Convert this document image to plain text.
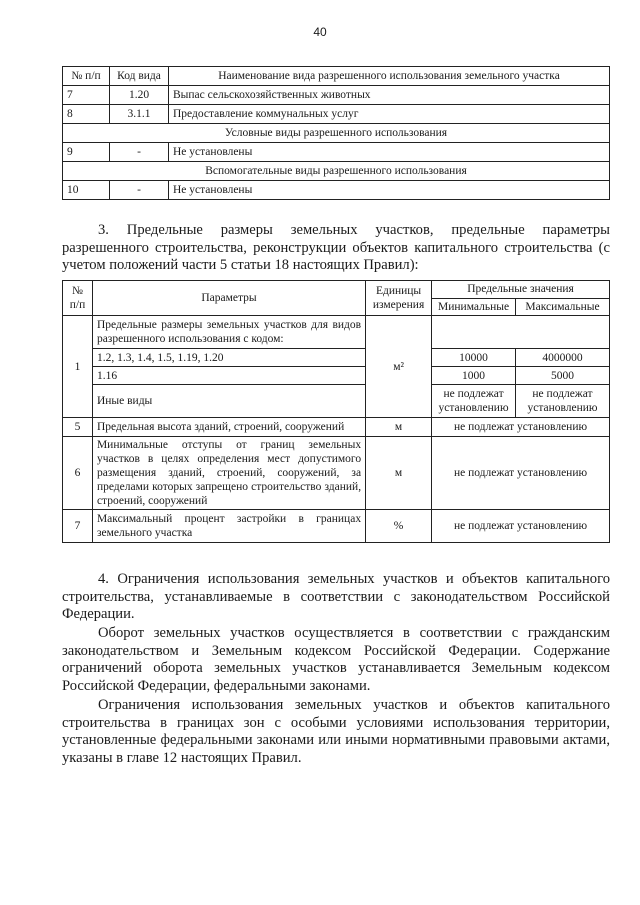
40
№ п/п	Код вида	Наименование вида разрешенного использования земельного участка
7	1.20	Выпас сельскохозяйственных животных
8	3.1.1	Предоставление коммунальных услуг
Условные виды разрешенного использования		
9	-	Не установлены
Вспомогательные виды разрешенного использования		
10	-	Не установлены

3. Предельные размеры земельных участков, предельные параметры разрешенного строительства, реконструкции объектов капитального строительства (с учетом положений части 5 статьи 18 настоящих Правил):

№ п/п	Параметры	Единицы измерения	Предельные значения	
			Минимальные	Максимальные
1	Предельные размеры земельных участков для видов разрешенного использования с кодом:	м²		
	1.2, 1.3, 1.4, 1.5, 1.19, 1.20		10000	4000000
	1.16		1000	5000
	Иные виды		не подлежат установлению	не подлежат установлению
5	Предельная высота зданий, строений, сооружений	м	не подлежат установлению	
6	Минимальные отступы от границ земельных участков в целях определения мест допустимого размещения зданий, строений, сооружений, за пределами которых запрещено строительство зданий, строений, сооружений	м	не подлежат установлению	
7	Максимальный процент застройки в границах земельного участка	%	не подлежат установлению	

4. Ограничения использования земельных участков и объектов капитального строительства, устанавливаемые в соответствии с законодательством Российской Федерации.

Оборот земельных участков осуществляется в соответствии с гражданским законодательством и Земельным кодексом Российской Федерации. Содержание ограничений оборота земельных участков устанавливается Земельным кодексом Российской Федерации, федеральными законами.

Ограничения использования земельных участков и объектов капитального строительства в границах зон с особыми условиями использования территории, установленные федеральными законами или иными нормативными правовыми актами, указаны в главе 12 настоящих Правил.
